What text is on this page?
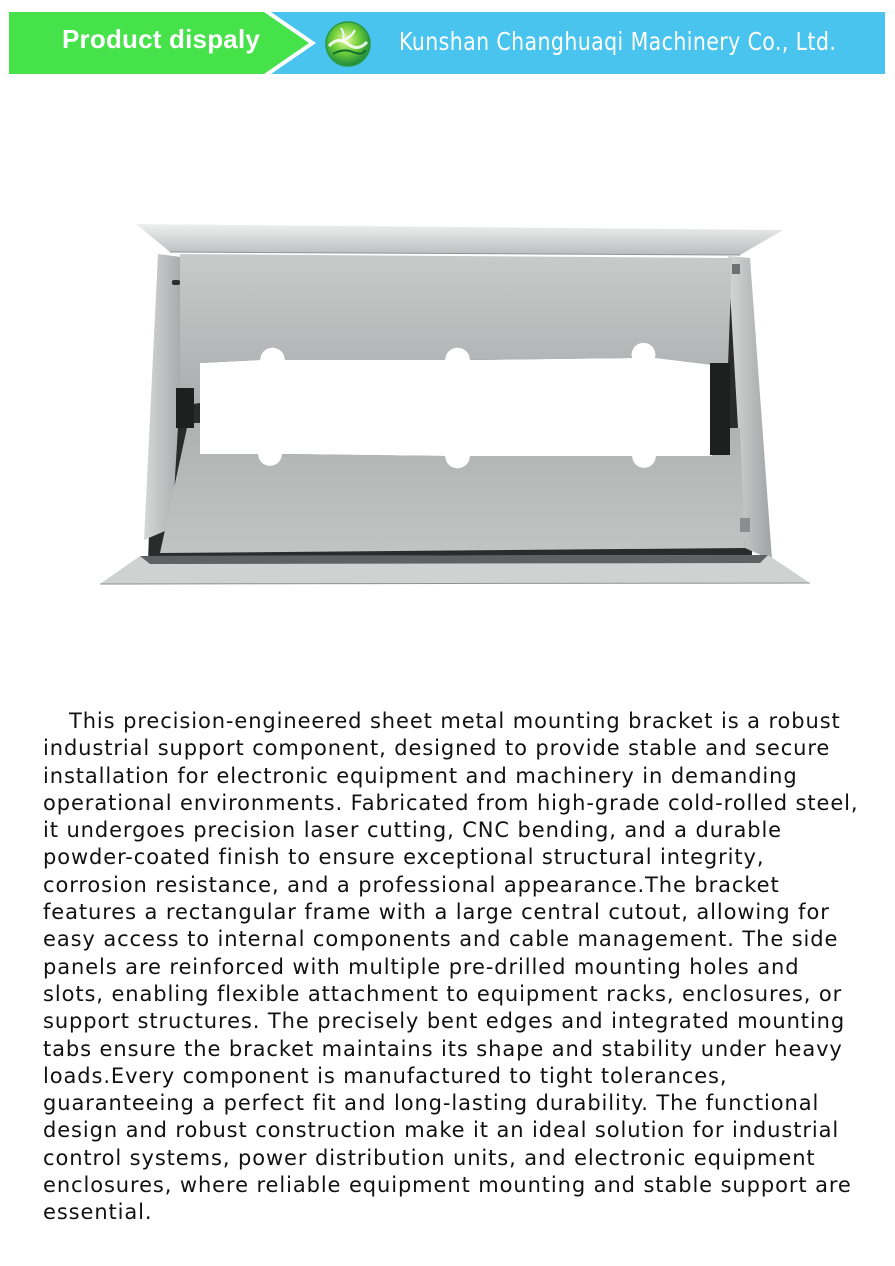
Product dispaly	Kunshan Changhuaqi Machinery Co., Ltd.

This precision-engineered sheet metal mounting bracket is a robust industrial support component, designed to provide stable and secure installation for electronic equipment and machinery in demanding operational environments. Fabricated from high-grade cold-rolled steel, it undergoes precision laser cutting, CNC bending, and a durable powder-coated finish to ensure exceptional structural integrity, corrosion resistance, and a professional appearance.The bracket features a rectangular frame with a large central cutout, allowing for easy access to internal components and cable management. The side panels are reinforced with multiple pre-drilled mounting holes and slots, enabling flexible attachment to equipment racks, enclosures, or support structures. The precisely bent edges and integrated mounting tabs ensure the bracket maintains its shape and stability under heavy loads.Every component is manufactured to tight tolerances, guaranteeing a perfect fit and long-lasting durability. The functional design and robust construction make it an ideal solution for industrial control systems, power distribution units, and electronic equipment enclosures, where reliable equipment mounting and stable support are essential.
